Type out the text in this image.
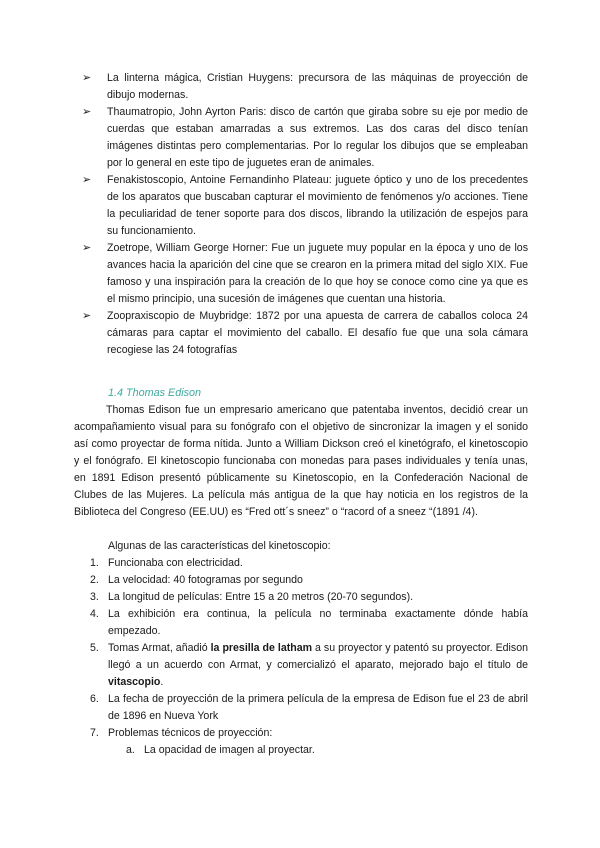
➢ La linterna mágica, Cristian Huygens: precursora de las máquinas de proyección de dibujo modernas.
➢ Thaumatropio, John Ayrton Paris: disco de cartón que giraba sobre su eje por medio de cuerdas que estaban amarradas a sus extremos. Las dos caras del disco tenían imágenes distintas pero complementarias. Por lo regular los dibujos que se empleaban por lo general en este tipo de juguetes eran de animales.
➢ Fenakistoscopio, Antoine Fernandinho Plateau: juguete óptico y uno de los precedentes de los aparatos que buscaban capturar el movimiento de fenómenos y/o acciones. Tiene la peculiaridad de tener soporte para dos discos, librando la utilización de espejos para su funcionamiento.
➢ Zoetrope, William George Horner: Fue un juguete muy popular en la época y uno de los avances hacia la aparición del cine que se crearon en la primera mitad del siglo XIX. Fue famoso y una inspiración para la creación de lo que hoy se conoce como cine ya que es el mismo principio, una sucesión de imágenes que cuentan una historia.
➢ Zoopraxiscopio de Muybridge: 1872 por una apuesta de carrera de caballos coloca 24 cámaras para captar el movimiento del caballo. El desafío fue que una sola cámara recogiese las 24 fotografías
1.4 Thomas Edison

Thomas Edison fue un empresario americano que patentaba inventos, decidió crear un acompañamiento visual para su fonógrafo con el objetivo de sincronizar la imagen y el sonido así como proyectar de forma nítida. Junto a William Dickson creó el kinetógrafo, el kinetoscopio y el fonógrafo. El kinetoscopio funcionaba con monedas para pases individuales y tenía unas, en 1891 Edison presentó públicamente su Kinetoscopio, en la Confederación Nacional de Clubes de las Mujeres. La película más antigua de la que hay noticia en los registros de la Biblioteca del Congreso (EE.UU) es “Fred ott´s sneez” o “racord of a sneez “(1891 /4).

Algunas de las características del kinetoscopio:

1. Funcionaba con electricidad.
2. La velocidad: 40 fotogramas por segundo
3. La longitud de películas: Entre 15 a 20 metros (20-70 segundos).
4. La exhibición era continua, la película no terminaba exactamente dónde había empezado.
5. Tomas Armat, añadió la presilla de latham a su proyector y patentó su proyector. Edison llegó a un acuerdo con Armat, y comercializó el aparato, mejorado bajo el título de vitascopio.
6. La fecha de proyección de la primera película de la empresa de Edison fue el 23 de abril de 1896 en Nueva York
7. Problemas técnicos de proyección:
a. La opacidad de imagen al proyectar.
